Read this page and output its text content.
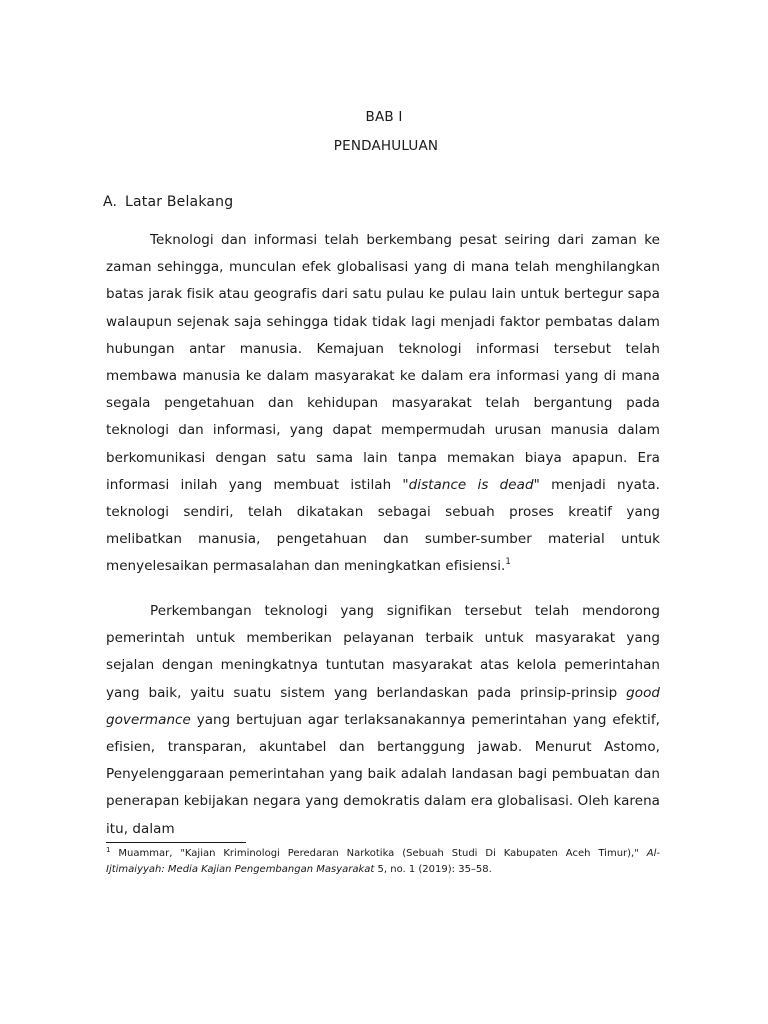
BAB I
PENDAHULUAN
A. Latar Belakang

Teknologi dan informasi telah berkembang pesat seiring dari zaman ke zaman sehingga, munculan efek globalisasi yang di mana telah menghilangkan batas jarak fisik atau geografis dari satu pulau ke pulau lain untuk bertegur sapa walaupun sejenak saja sehingga tidak tidak lagi menjadi faktor pembatas dalam hubungan antar manusia. Kemajuan teknologi informasi tersebut telah membawa manusia ke dalam masyarakat ke dalam era informasi yang di mana segala pengetahuan dan kehidupan masyarakat telah bergantung pada teknologi dan informasi, yang dapat mempermudah urusan manusia dalam berkomunikasi dengan satu sama lain tanpa memakan biaya apapun. Era informasi inilah yang membuat istilah "distance is dead" menjadi nyata. teknologi sendiri, telah dikatakan sebagai sebuah proses kreatif yang melibatkan manusia, pengetahuan dan sumber-sumber material untuk menyelesaikan permasalahan dan meningkatkan efisiensi.$^1$

Perkembangan teknologi yang signifikan tersebut telah mendorong pemerintah untuk memberikan pelayanan terbaik untuk masyarakat yang sejalan dengan meningkatnya tuntutan masyarakat atas kelola pemerintahan yang baik, yaitu suatu sistem yang berlandaskan pada prinsip-prinsip good govermance yang bertujuan agar terlaksanakannya pemerintahan yang efektif, efisien, transparan, akuntabel dan bertanggung jawab. Menurut Astomo, Penyelenggaraan pemerintahan yang baik adalah landasan bagi pembuatan dan penerapan kebijakan negara yang demokratis dalam era globalisasi. Oleh karena itu, dalam

$^1$ Muammar, "Kajian Kriminologi Peredaran Narkotika (Sebuah Studi Di Kabupaten Aceh Timur)," Al-Ijtimaiyyah: Media Kajian Pengembangan Masyarakat 5, no. 1 (2019): 35–58.
